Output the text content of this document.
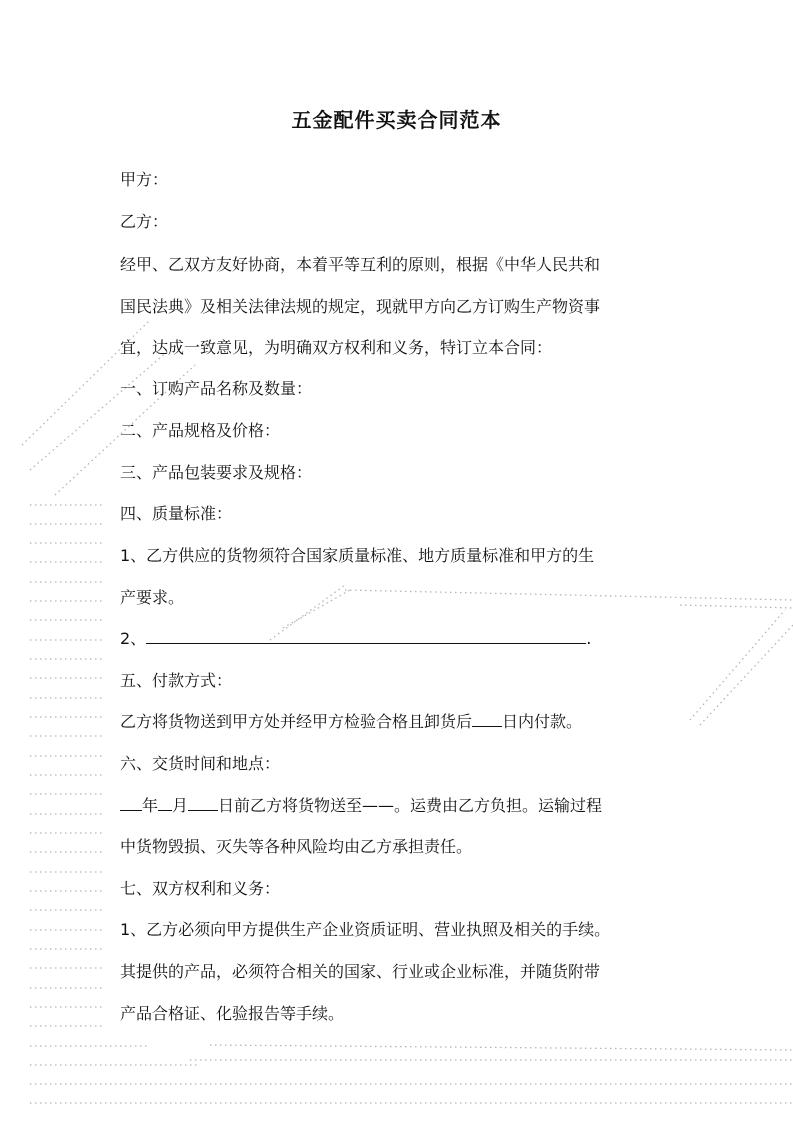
五金配件买卖合同范本
甲方：
乙方：
经甲、乙双方友好协商，本着平等互利的原则，根据《中华人民共和
国民法典》及相关法律法规的规定，现就甲方向乙方订购生产物资事
宜，达成一致意见，为明确双方权利和义务，特订立本合同：
一、订购产品名称及数量：
二、产品规格及价格：
三、产品包装要求及规格：
四、质量标准：
1、乙方供应的货物须符合国家质量标准、地方质量标准和甲方的生
产要求。
2、	.
五、付款方式：
乙方将货物送到甲方处并经甲方检验合格且卸货后 日内付款。
六、交货时间和地点：
年 月 日前乙方将货物送至——。运费由乙方负担。运输过程
中货物毁损、灭失等各种风险均由乙方承担责任。
七、双方权利和义务：
1、乙方必须向甲方提供生产企业资质证明、营业执照及相关的手续。
其提供的产品，必须符合相关的国家、行业或企业标准，并随货附带
产品合格证、化验报告等手续。
